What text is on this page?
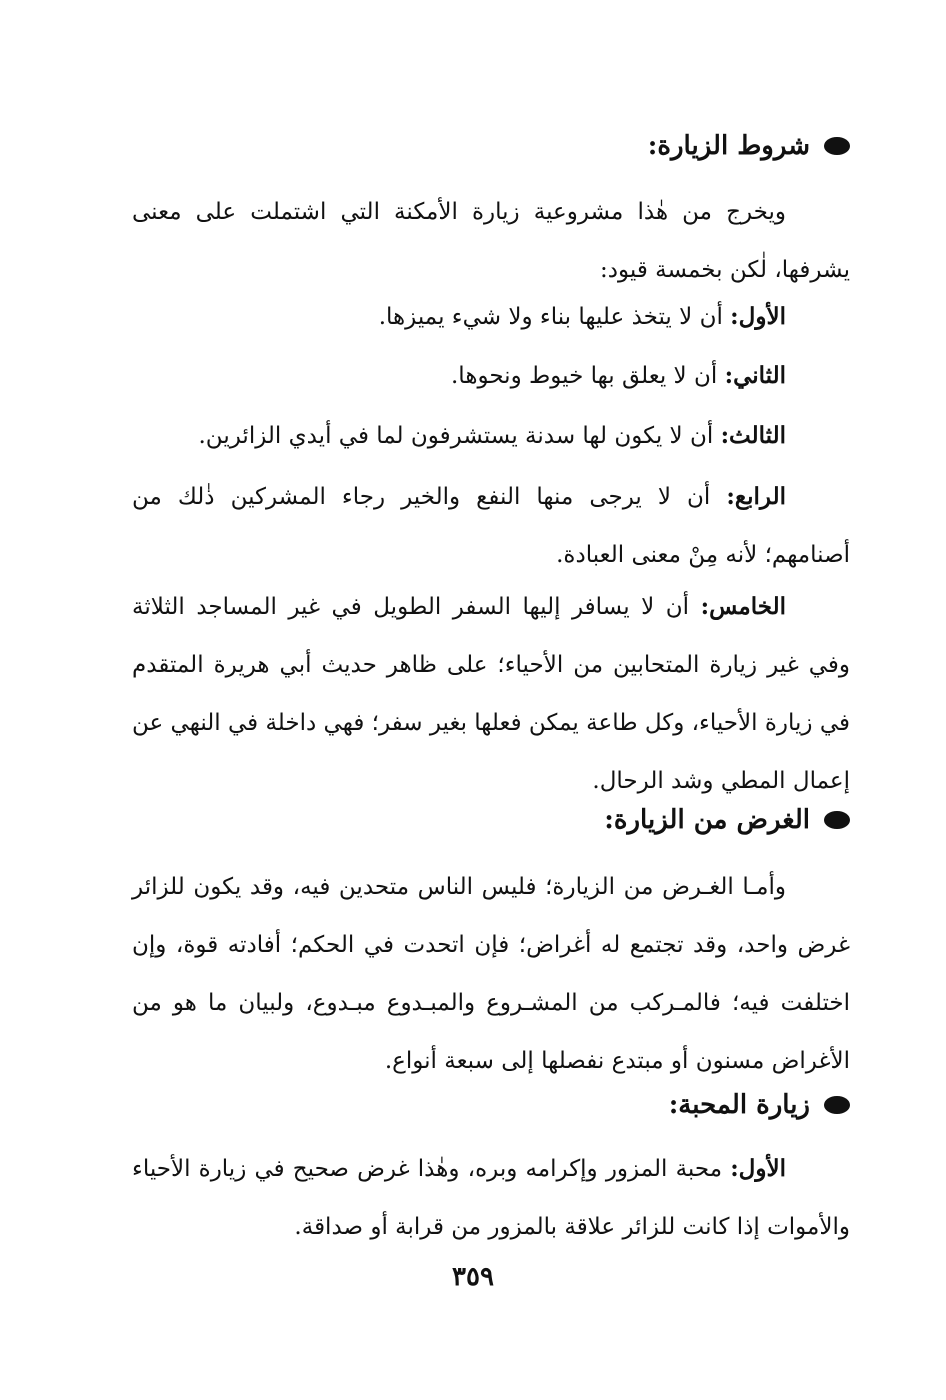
شروط الزيارة:
ويخرج من هٰذا مشروعية زيارة الأمكنة التي اشتملت على معنى يشرفها، لٰكن بخمسة قيود:
الأول: أن لا يتخذ عليها بناء ولا شيء يميزها.
الثاني: أن لا يعلق بها خيوط ونحوها.
الثالث: أن لا يكون لها سدنة يستشرفون لما في أيدي الزائرين.
الرابع: أن لا يرجى منها النفع والخير رجاء المشركين ذٰلك من أصنامهم؛ لأنه مِنْ معنى العبادة.
الخامس: أن لا يسافر إليها السفر الطويل في غير المساجد الثلاثة وفي غير زيارة المتحابين من الأحياء؛ على ظاهر حديث أبي هريرة المتقدم في زيارة الأحياء، وكل طاعة يمكن فعلها بغير سفر؛ فهي داخلة في النهي عن إعمال المطي وشد الرحال.
الغرض من الزيارة:
وأمـا الغـرض من الزيارة؛ فليس الناس متحدين فيه، وقد يكون للزائر غرض واحد، وقد تجتمع له أغراض؛ فإن اتحدت في الحكم؛ أفادته قوة، وإن اختلفت فيه؛ فالمـركب من المشـروع والمبـدوع مبـدوع، ولبيان ما هو من الأغراض مسنون أو مبتدع نفصلها إلى سبعة أنواع.
زيارة المحبة:
الأول: محبة المزور وإكرامه وبره، وهٰذا غرض صحيح في زيارة الأحياء والأموات إذا كانت للزائر علاقة بالمزور من قرابة أو صداقة.
٣٥٩
